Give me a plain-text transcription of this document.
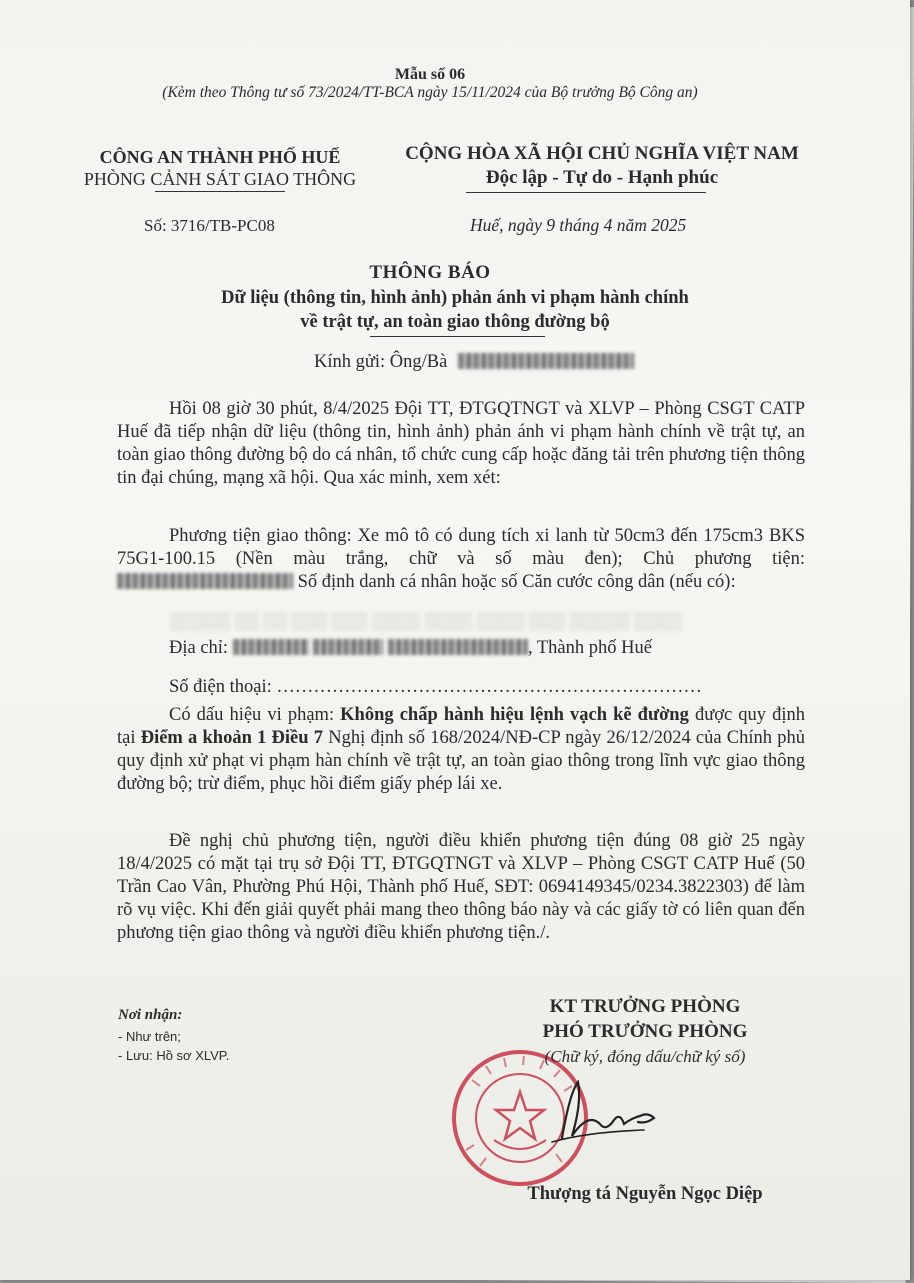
Mẫu số 06
(Kèm theo Thông tư số 73/2024/TT-BCA ngày 15/11/2024 của Bộ trưởng Bộ Công an)
CÔNG AN THÀNH PHỐ HUẾ
PHÒNG CẢNH SÁT GIAO THÔNG
CỘNG HÒA XÃ HỘI CHỦ NGHĨA VIỆT NAM
Độc lập - Tự do - Hạnh phúc
Số: 3716/TB-PC08	Huế, ngày 9 tháng 4 năm 2025
THÔNG BÁO
Dữ liệu (thông tin, hình ảnh) phản ánh vi phạm hành chính
về trật tự, an toàn giao thông đường bộ
Kính gửi: Ông/Bà
Hồi 08 giờ 30 phút, 8/4/2025 Đội TT, ĐTGQTNGT và XLVP – Phòng CSGT CATP Huế đã tiếp nhận dữ liệu (thông tin, hình ảnh) phản ánh vi phạm hành chính về trật tự, an toàn giao thông đường bộ do cá nhân, tổ chức cung cấp hoặc đăng tải trên phương tiện thông tin đại chúng, mạng xã hội. Qua xác minh, xem xét:
Phương tiện giao thông: Xe mô tô có dung tích xi lanh từ 50cm3 đến 175cm3 BKS 75G1-100.15 (Nền màu trắng, chữ và số màu đen); Chủ phương tiện:  Số định danh cá nhân hoặc số Căn cước công dân (nếu có):
▒▒▒▒▒ ▒▒ ▒▒ ▒▒▒ ▒▒▒ ▒▒▒▒ ▒▒▒▒ ▒▒▒▒ ▒▒▒ ▒▒▒▒▒ ▒▒▒▒
Địa chỉ:	, Thành phố Huế
Số điện thoại: ……………………………………………………………
Có dấu hiệu vi phạm: Không chấp hành hiệu lệnh vạch kẽ đường được quy định tại Điểm a khoản 1 Điều 7 Nghị định số 168/2024/NĐ-CP ngày 26/12/2024 của Chính phủ quy định xử phạt vi phạm hàn chính về trật tự, an toàn giao thông trong lĩnh vực giao thông đường bộ; trừ điểm, phục hồi điểm giấy phép lái xe.
Đề nghị chủ phương tiện, người điều khiển phương tiện đúng 08 giờ 25 ngày 18/4/2025 có mặt tại trụ sở Đội TT, ĐTGQTNGT và XLVP – Phòng CSGT CATP Huế (50 Trần Cao Vân, Phường Phú Hội, Thành phố Huế, SĐT: 0694149345/0234.3822303) để làm rõ vụ việc. Khi đến giải quyết phải mang theo thông báo này và các giấy tờ có liên quan đến phương tiện giao thông và người điều khiển phương tiện./.
Nơi nhận:
- Như trên;
- Lưu: Hồ sơ XLVP.
KT TRƯỞNG PHÒNG
PHÓ TRƯỞNG PHÒNG
(Chữ ký, đóng dấu/chữ ký số)
Thượng tá Nguyễn Ngọc Diệp
